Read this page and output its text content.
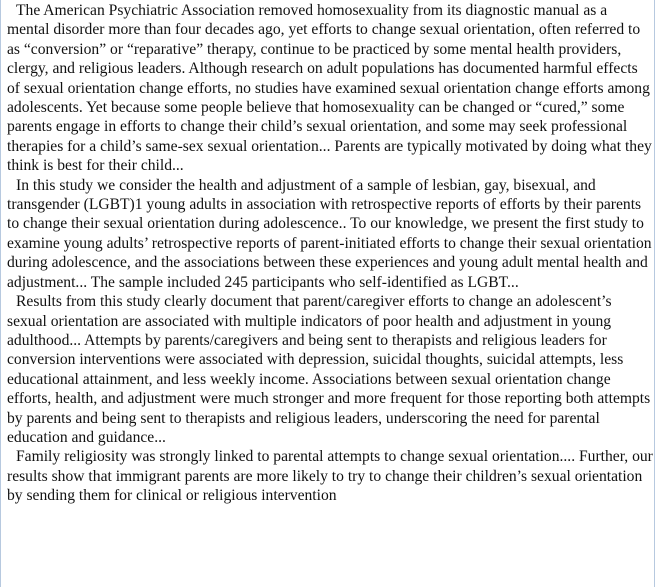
The American Psychiatric Association removed homosexuality from its diagnostic manual as a mental disorder more than four decades ago, yet efforts to change sexual orientation, often referred to as “conversion” or “reparative” therapy, continue to be practiced by some mental health providers, clergy, and religious leaders. Although research on adult populations has documented harmful effects of sexual orientation change efforts, no studies have examined sexual orientation change efforts among adolescents. Yet because some people believe that homosexuality can be changed or “cured,” some parents engage in efforts to change their child’s sexual orientation, and some may seek professional therapies for a child’s same-sex sexual orientation... Parents are typically motivated by doing what they think is best for their child...

In this study we consider the health and adjustment of a sample of lesbian, gay, bisexual, and transgender (LGBT)1 young adults in association with retrospective reports of efforts by their parents to change their sexual orientation during adolescence.. To our knowledge, we present the first study to examine young adults’ retrospective reports of parent-initiated efforts to change their sexual orientation during adolescence, and the associations between these experiences and young adult mental health and adjustment... The sample included 245 participants who self-identified as LGBT...

Results from this study clearly document that parent/caregiver efforts to change an adolescent’s sexual orientation are associated with multiple indicators of poor health and adjustment in young adulthood... Attempts by parents/caregivers and being sent to therapists and religious leaders for conversion interventions were associated with depression, suicidal thoughts, suicidal attempts, less educational attainment, and less weekly income. Associations between sexual orientation change efforts, health, and adjustment were much stronger and more frequent for those reporting both attempts by parents and being sent to therapists and religious leaders, underscoring the need for parental education and guidance...

Family religiosity was strongly linked to parental attempts to change sexual orientation.... Further, our results show that immigrant parents are more likely to try to change their children’s sexual orientation by sending them for clinical or religious intervention
